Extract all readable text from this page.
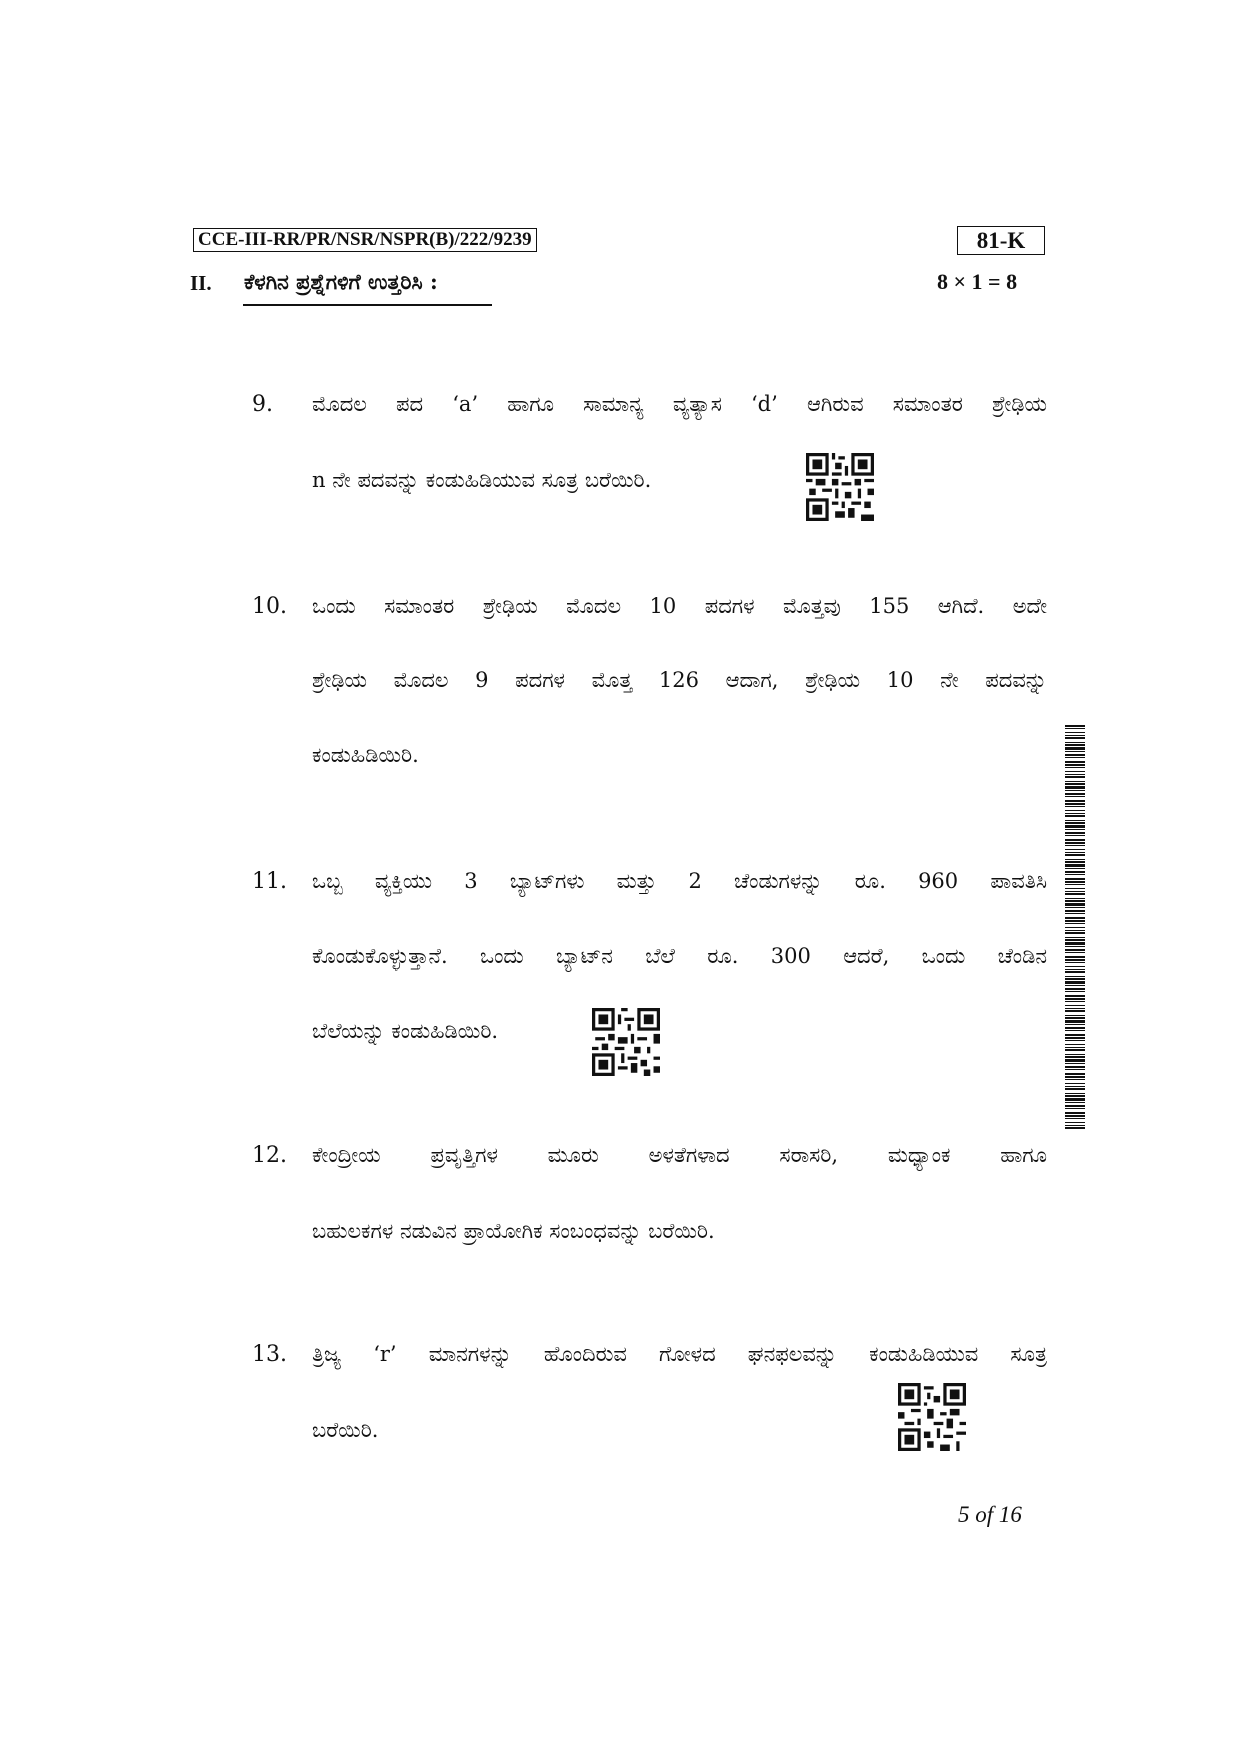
CCE-III-RR/PR/NSR/NSPR(B)/222/9239	81-K
II. ಕೆಳಗಿನ ಪ್ರಶ್ನೆಗಳಿಗೆ ಉತ್ತರಿಸಿ :	8 × 1 = 8
9. ಮೊದಲ ಪದ ‘a’ ಹಾಗೂ ಸಾಮಾನ್ಯ ವ್ಯತ್ಯಾಸ ‘d’ ಆಗಿರುವ ಸಮಾಂತರ ಶ್ರೇಢಿಯ
n ನೇ ಪದವನ್ನು ಕಂಡುಹಿಡಿಯುವ ಸೂತ್ರ ಬರೆಯಿರಿ.
10. ಒಂದು ಸಮಾಂತರ ಶ್ರೇಢಿಯ ಮೊದಲ 10 ಪದಗಳ ಮೊತ್ತವು 155 ಆಗಿದೆ. ಅದೇ
ಶ್ರೇಢಿಯ ಮೊದಲ 9 ಪದಗಳ ಮೊತ್ತ 126 ಆದಾಗ, ಶ್ರೇಢಿಯ 10 ನೇ ಪದವನ್ನು
ಕಂಡುಹಿಡಿಯಿರಿ.
11. ಒಬ್ಬ ವ್ಯಕ್ತಿಯು 3 ಬ್ಯಾಟ್‌ಗಳು ಮತ್ತು 2 ಚೆಂಡುಗಳನ್ನು ರೂ. 960 ಪಾವತಿಸಿ
ಕೊಂಡುಕೊಳ್ಳುತ್ತಾನೆ. ಒಂದು ಬ್ಯಾಟ್‌ನ ಬೆಲೆ ರೂ. 300 ಆದರೆ, ಒಂದು ಚೆಂಡಿನ
ಬೆಲೆಯನ್ನು ಕಂಡುಹಿಡಿಯಿರಿ.
12. ಕೇಂದ್ರೀಯ ಪ್ರವೃತ್ತಿಗಳ ಮೂರು ಅಳತೆಗಳಾದ ಸರಾಸರಿ, ಮಧ್ಯಾಂಕ ಹಾಗೂ
ಬಹುಲಕಗಳ ನಡುವಿನ ಪ್ರಾಯೋಗಿಕ ಸಂಬಂಧವನ್ನು ಬರೆಯಿರಿ.
13. ತ್ರಿಜ್ಯ ‘r’ ಮಾನಗಳನ್ನು ಹೊಂದಿರುವ ಗೋಳದ ಘನಫಲವನ್ನು ಕಂಡುಹಿಡಿಯುವ ಸೂತ್ರ
ಬರೆಯಿರಿ.
5 of 16
